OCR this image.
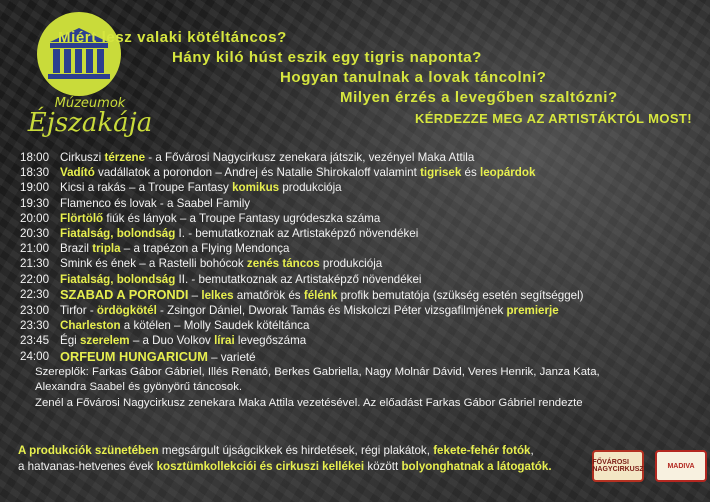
Múzeumok
Éjszakája
Miért lesz valaki kötéltáncos?
Hány kiló húst eszik egy tigris naponta?
Hogyan tanulnak a lovak táncolni?
Milyen érzés a levegőben szaltózni?
KÉRDEZZE MEG AZ ARTISTÁKTÓL MOST!
18:00 Cirkuszi térzene - a Fővárosi Nagycirkusz zenekara játszik, vezényel Maka Attila
18:30 Vadító vadállatok a porondon – Andrej és Natalie Shirokaloff valamint tigrisek és leopárdok
19:00 Kicsi a rakás – a Troupe Fantasy komikus produkciója
19:30 Flamenco és lovak - a Saabel Family
20:00 Flörtölő fiúk és lányok – a Troupe Fantasy ugródeszka száma
20:30 Fiatalság, bolondság I. - bemutatkoznak az Artistaképző növendékei
21:00 Brazil tripla – a trapézon a Flying Mendonça
21:30 Smink és ének – a Rastelli bohócok zenés táncos produkciója
22:00 Fiatalság, bolondság II. - bemutatkoznak az Artistaképző növendékei
22:30 SZABAD A PORONDI – lelkes amatőrök és félénk profik bemutatója (szükség esetén segítséggel)
23:00 Tirfor - ördögkötél - Zsingor Dániel, Dworak Tamás és Miskolczi Péter vizsgafilmjének premierje
23:30 Charleston a kötélen – Molly Saudek kötéltánca
23:45 Égi szerelem – a Duo Volkov lírai levegőszáma
24:00 ORFEUM HUNGARICUM – varieté
Szereplők: Farkas Gábor Gábriel, Illés Renátó, Berkes Gabriella, Nagy Molnár Dávid, Veres Henrik, Janza Kata,
Alexandra Saabel és gyönyörű táncosok.
Zenél a Fővárosi Nagycirkusz zenekara Maka Attila vezetésével. Az előadást Farkas Gábor Gábriel rendezte
A produkciók szünetében megsárgult újságcikkek és hirdetések, régi plakátok, fekete-fehér fotók,
a hatvanas-hetvenes évek kosztümkollekciói és cirkuszi kellékei között bolyonghatnak a látogatók.	FŐVÁROSI NAGYCIRKUSZ	MADIVA
